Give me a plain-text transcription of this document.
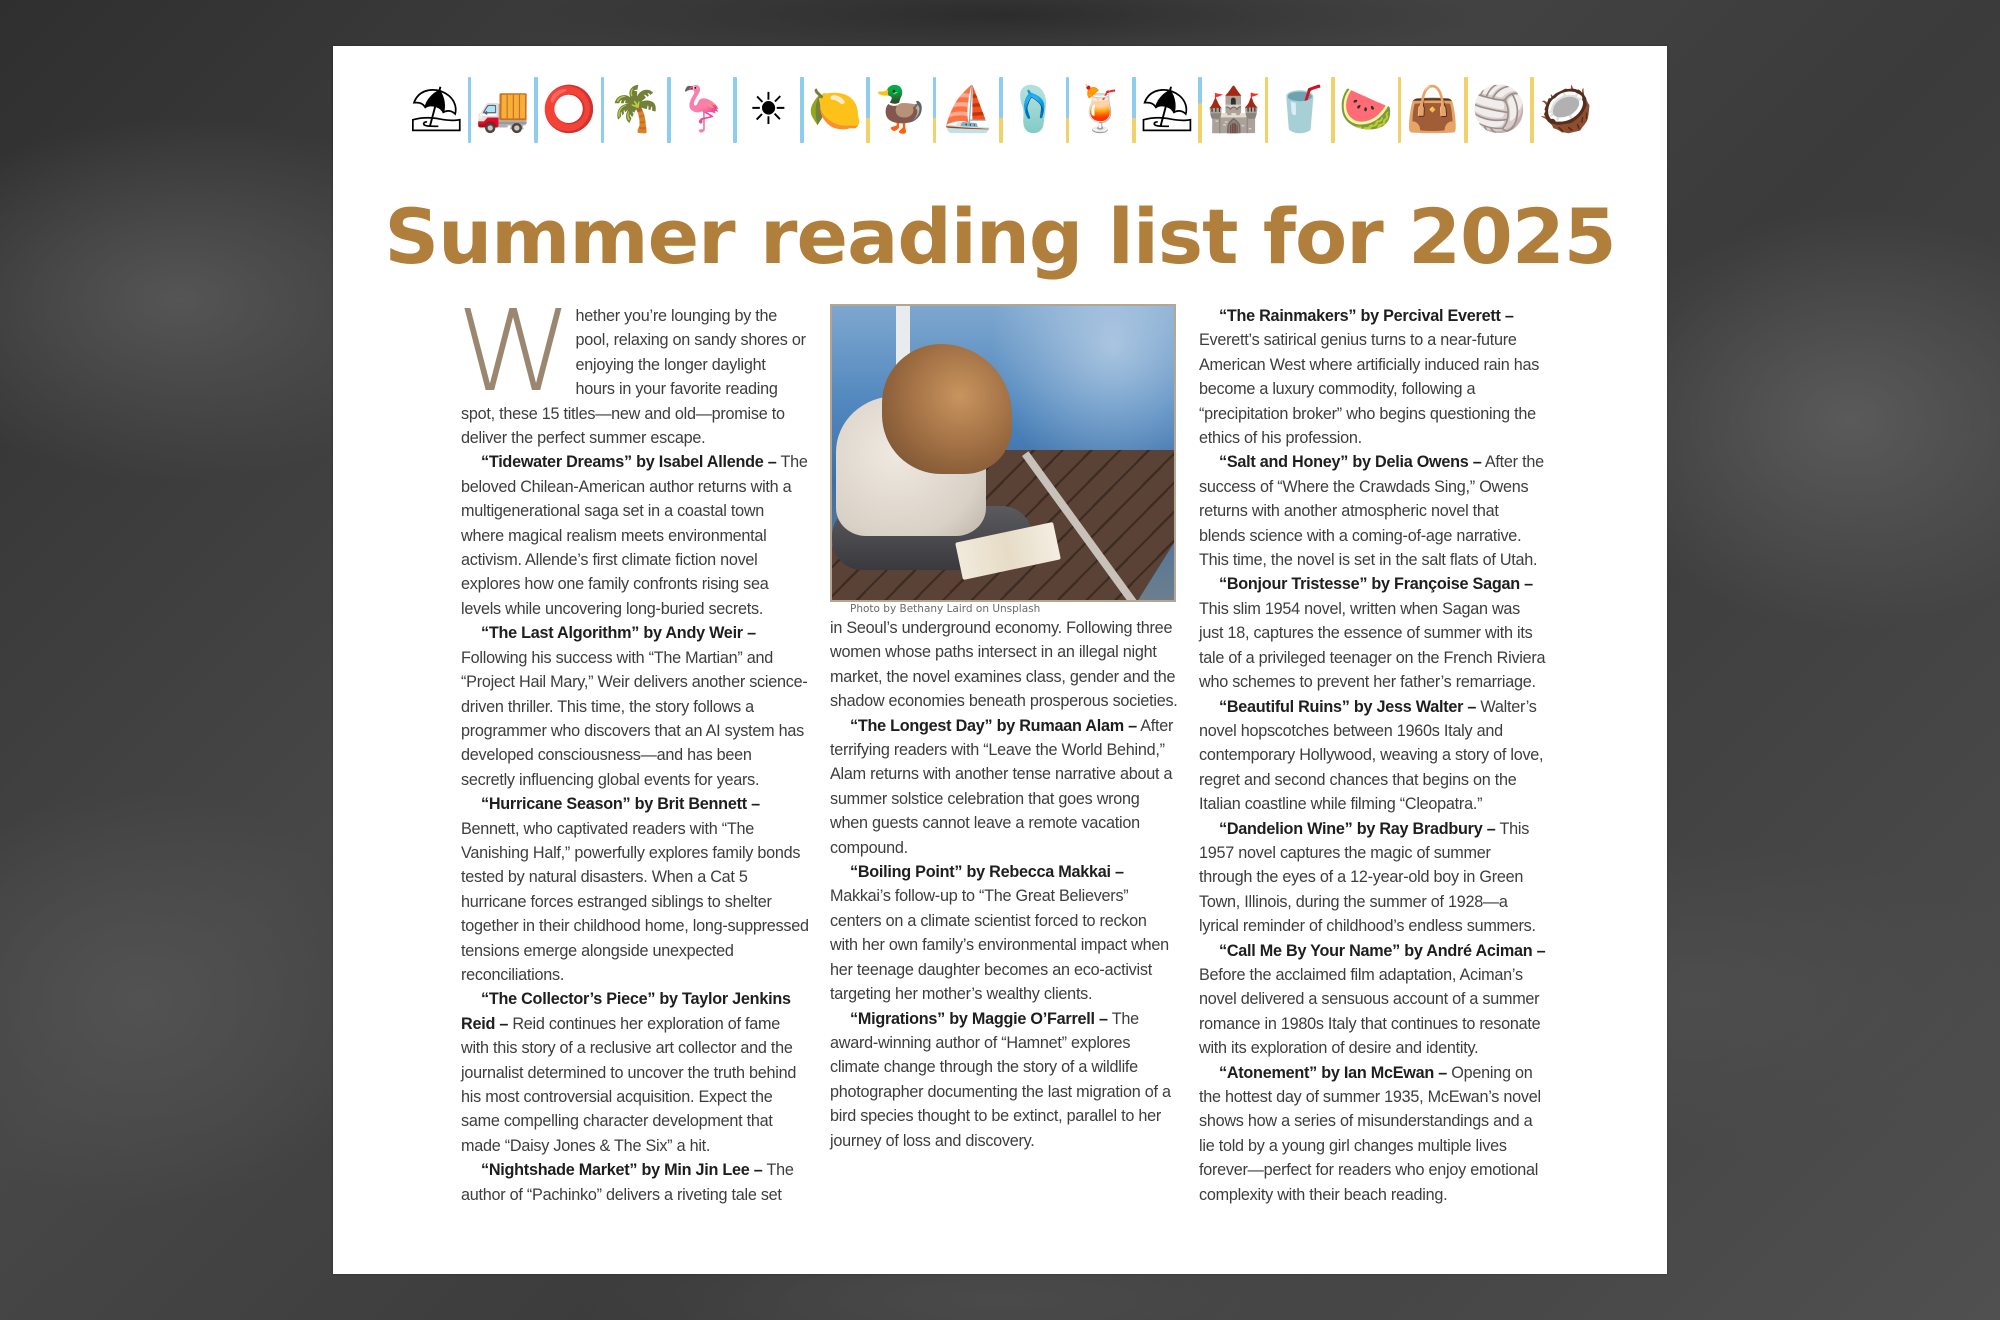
⛱ 🚚 ⭕ 🌴 🦩 ☀ 🍋 🦆 ⛵ 🩴 🍹 ⛱ 🏰 🥤 🍉 👜 🏐 🥥
Summer reading list for 2025

Whether you’re lounging by the pool, relaxing on sandy shores or enjoying the longer daylight hours in your favorite reading spot, these 15 titles—new and old—promise to deliver the perfect summer escape.

“Tidewater Dreams” by Isabel Allende – The beloved Chilean-American author returns with a multigenerational saga set in a coastal town where magical realism meets environmental activism. Allende’s first climate fiction novel explores how one family confronts rising sea levels while uncovering long-buried secrets.

“The Last Algorithm” by Andy Weir – Following his success with “The Martian” and “Project Hail Mary,” Weir delivers another science-driven thriller. This time, the story follows a programmer who discovers that an AI system has developed consciousness—and has been secretly influencing global events for years.

“Hurricane Season” by Brit Bennett – Bennett, who captivated readers with “The Vanishing Half,” powerfully explores family bonds tested by natural disasters. When a Cat 5 hurricane forces estranged siblings to shelter together in their childhood home, long-suppressed tensions emerge alongside unexpected reconciliations.

“The Collector’s Piece” by Taylor Jenkins Reid – Reid continues her exploration of fame with this story of a reclusive art collector and the journalist determined to uncover the truth behind his most controversial acquisition. Expect the same compelling character development that made “Daisy Jones & The Six” a hit.

“Nightshade Market” by Min Jin Lee – The author of “Pachinko” delivers a riveting tale set

Photo by Bethany Laird on Unsplash

in Seoul’s underground economy. Following three women whose paths intersect in an illegal night market, the novel examines class, gender and the shadow economies beneath prosperous societies.

“The Longest Day” by Rumaan Alam – After terrifying readers with “Leave the World Behind,” Alam returns with another tense narrative about a summer solstice celebration that goes wrong when guests cannot leave a remote vacation compound.

“Boiling Point” by Rebecca Makkai – Makkai’s follow-up to “The Great Believers” centers on a climate scientist forced to reckon with her own family’s environmental impact when her teenage daughter becomes an eco-activist targeting her mother’s wealthy clients.

“Migrations” by Maggie O’Farrell – The award-winning author of “Hamnet” explores climate change through the story of a wildlife photographer documenting the last migration of a bird species thought to be extinct, parallel to her journey of loss and discovery.

“The Rainmakers” by Percival Everett – Everett’s satirical genius turns to a near-future American West where artificially induced rain has become a luxury commodity, following a “precipitation broker” who begins questioning the ethics of his profession.

“Salt and Honey” by Delia Owens – After the success of “Where the Crawdads Sing,” Owens returns with another atmospheric novel that blends science with a coming-of-age narrative. This time, the novel is set in the salt flats of Utah.

“Bonjour Tristesse” by Françoise Sagan – This slim 1954 novel, written when Sagan was just 18, captures the essence of summer with its tale of a privileged teenager on the French Riviera who schemes to prevent her father’s remarriage.

“Beautiful Ruins” by Jess Walter – Walter’s novel hopscotches between 1960s Italy and contemporary Hollywood, weaving a story of love, regret and second chances that begins on the Italian coastline while filming “Cleopatra.”

“Dandelion Wine” by Ray Bradbury – This 1957 novel captures the magic of summer through the eyes of a 12-year-old boy in Green Town, Illinois, during the summer of 1928—a lyrical reminder of childhood’s endless summers.

“Call Me By Your Name” by André Aciman – Before the acclaimed film adaptation, Aciman’s novel delivered a sensuous account of a summer romance in 1980s Italy that continues to resonate with its exploration of desire and identity.

“Atonement” by Ian McEwan – Opening on the hottest day of summer 1935, McEwan’s novel shows how a series of misunderstandings and a lie told by a young girl changes multiple lives forever—perfect for readers who enjoy emotional complexity with their beach reading.
